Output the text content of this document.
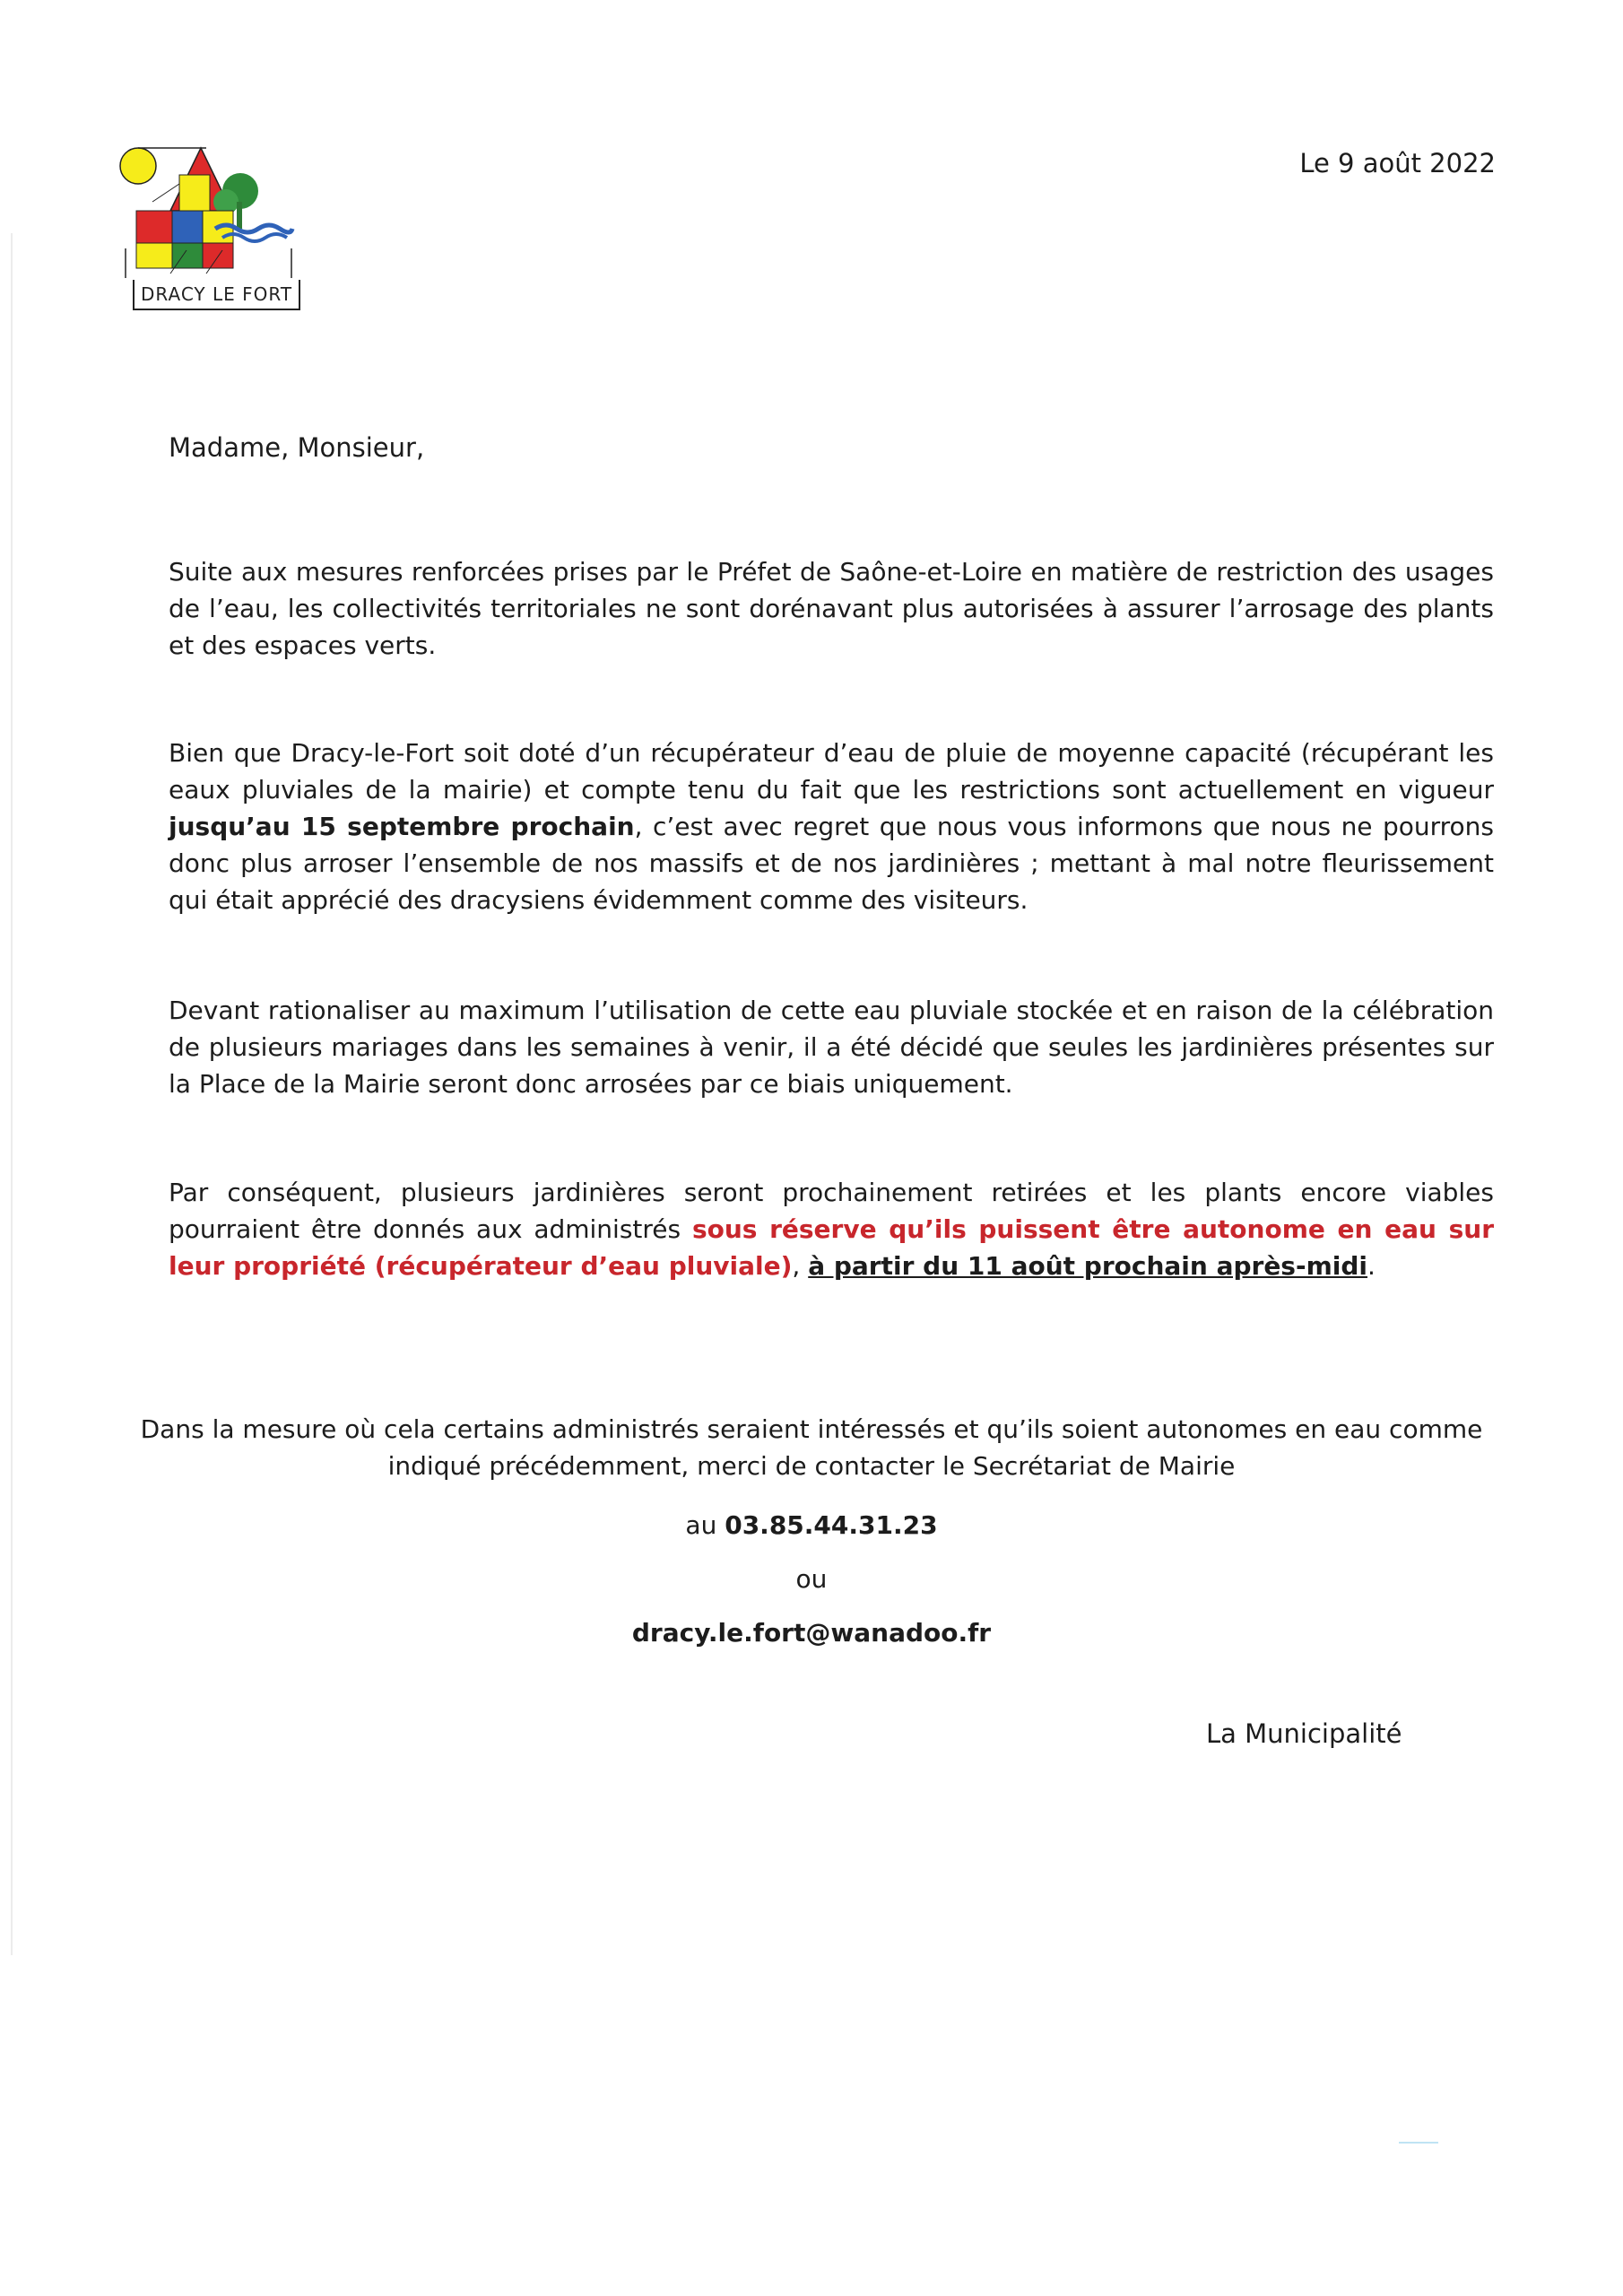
DRACY LE FORT
Le 9 août 2022
Madame, Monsieur,

Suite aux mesures renforcées prises par le Préfet de Saône-et-Loire en matière de restriction des usages de l’eau, les collectivités territoriales ne sont dorénavant plus autorisées à assurer l’arrosage des plants et des espaces verts.

Bien que Dracy-le-Fort soit doté d’un récupérateur d’eau de pluie de moyenne capacité (récupérant les eaux pluviales de la mairie) et compte tenu du fait que les restrictions sont actuellement en vigueur jusqu’au 15 septembre prochain, c’est avec regret que nous vous informons que nous ne pourrons donc plus arroser l’ensemble de nos massifs et de nos jardinières ; mettant à mal notre fleurissement qui était apprécié des dracysiens évidemment comme des visiteurs.

Devant rationaliser au maximum l’utilisation de cette eau pluviale stockée et en raison de la célébration de plusieurs mariages dans les semaines à venir, il a été décidé que seules les jardinières présentes sur la Place de la Mairie seront donc arrosées par ce biais uniquement.

Par conséquent, plusieurs jardinières seront prochainement retirées et les plants encore viables pourraient être donnés aux administrés sous réserve qu’ils puissent être autonome en eau sur leur propriété (récupérateur d’eau pluviale), à partir du 11 août prochain après-midi.

Dans la mesure où cela certains administrés seraient intéressés et qu’ils soient autonomes en eau comme indiqué précédemment, merci de contacter le Secrétariat de Mairie

au 03.85.44.31.23

ou

dracy.le.fort@wanadoo.fr

La Municipalité
